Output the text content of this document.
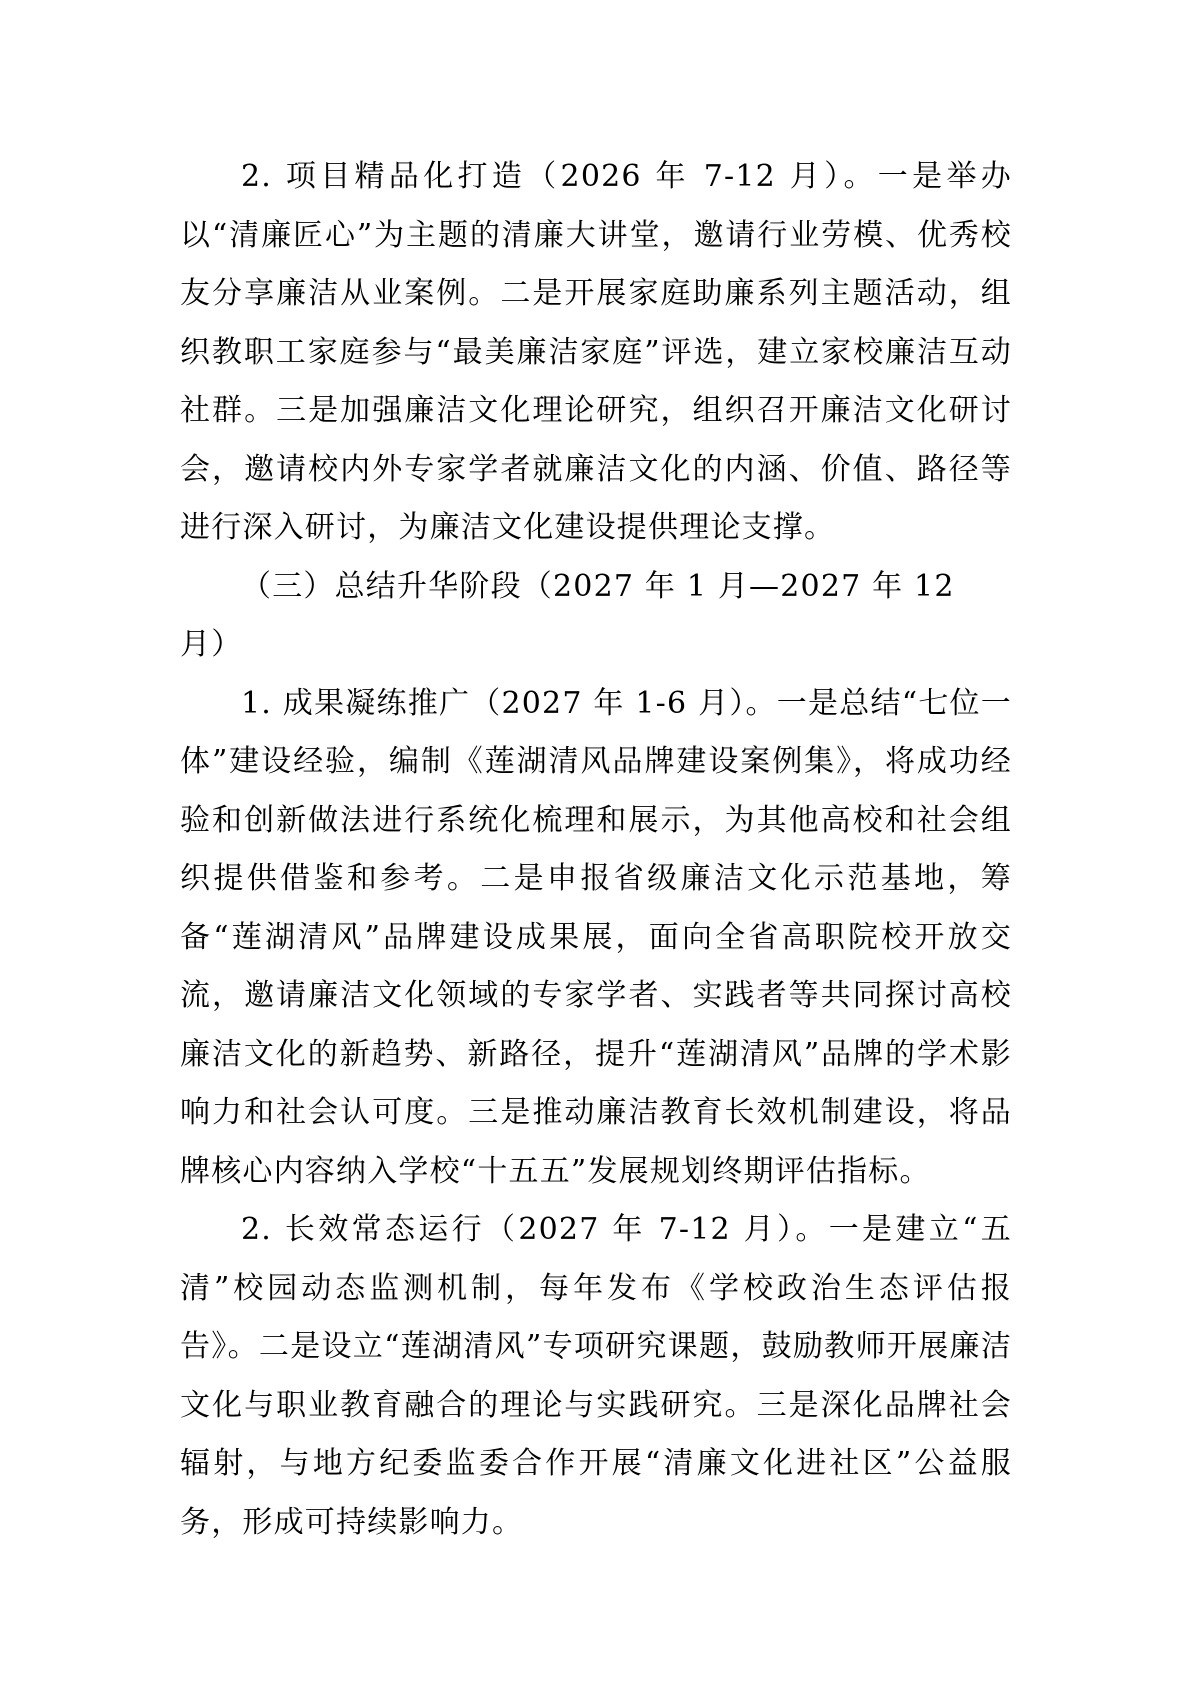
2. 项目精品化打造（2026 年 7-12 月）。一是举办以“清廉匠心”为主题的清廉大讲堂，邀请行业劳模、优秀校友分享廉洁从业案例。二是开展家庭助廉系列主题活动，组织教职工家庭参与“最美廉洁家庭”评选，建立家校廉洁互动社群。三是加强廉洁文化理论研究，组织召开廉洁文化研讨会，邀请校内外专家学者就廉洁文化的内涵、价值、路径等进行深入研讨，为廉洁文化建设提供理论支撑。

（三）总结升华阶段（2027 年 1 月—2027 年 12 月）

1. 成果凝练推广（2027 年 1-6 月）。一是总结“七位一体”建设经验，编制《莲湖清风品牌建设案例集》，将成功经验和创新做法进行系统化梳理和展示，为其他高校和社会组织提供借鉴和参考。二是申报省级廉洁文化示范基地，筹备“莲湖清风”品牌建设成果展，面向全省高职院校开放交流，邀请廉洁文化领域的专家学者、实践者等共同探讨高校廉洁文化的新趋势、新路径，提升“莲湖清风”品牌的学术影响力和社会认可度。三是推动廉洁教育长效机制建设，将品牌核心内容纳入学校“十五五”发展规划终期评估指标。

2. 长效常态运行（2027 年 7-12 月）。一是建立“五清”校园动态监测机制，每年发布《学校政治生态评估报告》。二是设立“莲湖清风”专项研究课题，鼓励教师开展廉洁文化与职业教育融合的理论与实践研究。三是深化品牌社会辐射，与地方纪委监委合作开展“清廉文化进社区”公益服务，形成可持续影响力。
